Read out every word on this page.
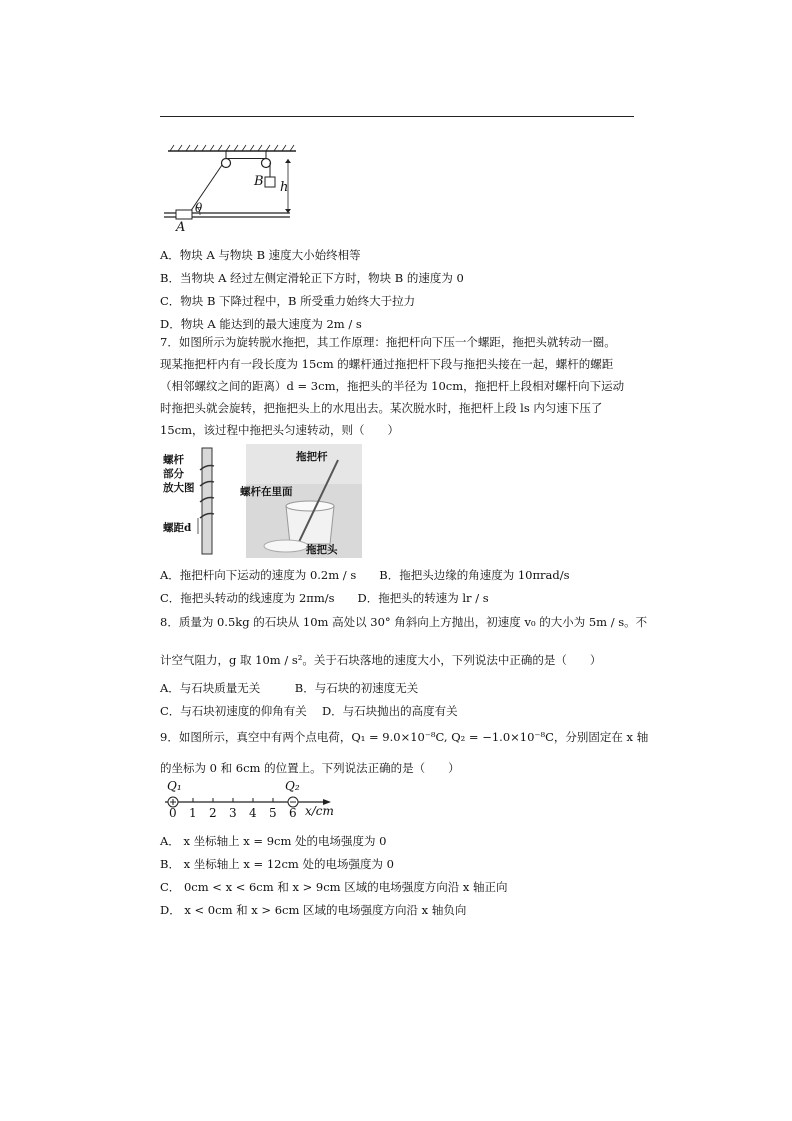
B h
θ
A
A．物块 A 与物块 B 速度大小始终相等
B．当物块 A 经过左侧定滑轮正下方时，物块 B 的速度为 0
C．物块 B 下降过程中，B 所受重力始终大于拉力
D．物块 A 能达到的最大速度为 2m / s
7．如图所示为旋转脱水拖把，其工作原理：拖把杆向下压一个螺距，拖把头就转动一圈。
现某拖把杆内有一段长度为 15cm 的螺杆通过拖把杆下段与拖把头接在一起，螺杆的螺距
（相邻螺纹之间的距离）d = 3cm，拖把头的半径为 10cm，拖把杆上段相对螺杆向下运动
时拖把头就会旋转，把拖把头上的水甩出去。某次脱水时，拖把杆上段 ls 内匀速下压了
15cm，该过程中拖把头匀速转动，则（　　）
螺杆
部分
放大图
螺距d
拖把杆
螺杆在里面
拖把头
A．拖把杆向下运动的速度为 0.2m / s　　B．拖把头边缘的角速度为 10πrad/s
C．拖把头转动的线速度为 2πm/s　　D．拖把头的转速为 lr / s
8．质量为 0.5kg 的石块从 10m 高处以 30° 角斜向上方抛出，初速度 v₀ 的大小为 5m / s。不
计空气阻力，g 取 10m / s²。关于石块落地的速度大小，下列说法中正确的是（　　）
A．与石块质量无关　　　B．与石块的初速度无关
C．与石块初速度的仰角有关　 D．与石块抛出的高度有关
9．如图所示，真空中有两个点电荷，Q₁ = 9.0×10⁻⁸C, Q₂ = −1.0×10⁻⁸C，分别固定在 x 轴
的坐标为 0 和 6cm 的位置上。下列说法正确的是（　　）
Q₁	Q₂
0 1 2 3 4 5 6 x/cm
A． x 坐标轴上 x = 9cm 处的电场强度为 0
B． x 坐标轴上 x = 12cm 处的电场强度为 0
C． 0cm < x < 6cm 和 x > 9cm 区域的电场强度方向沿 x 轴正向
D． x < 0cm 和 x > 6cm 区域的电场强度方向沿 x 轴负向
